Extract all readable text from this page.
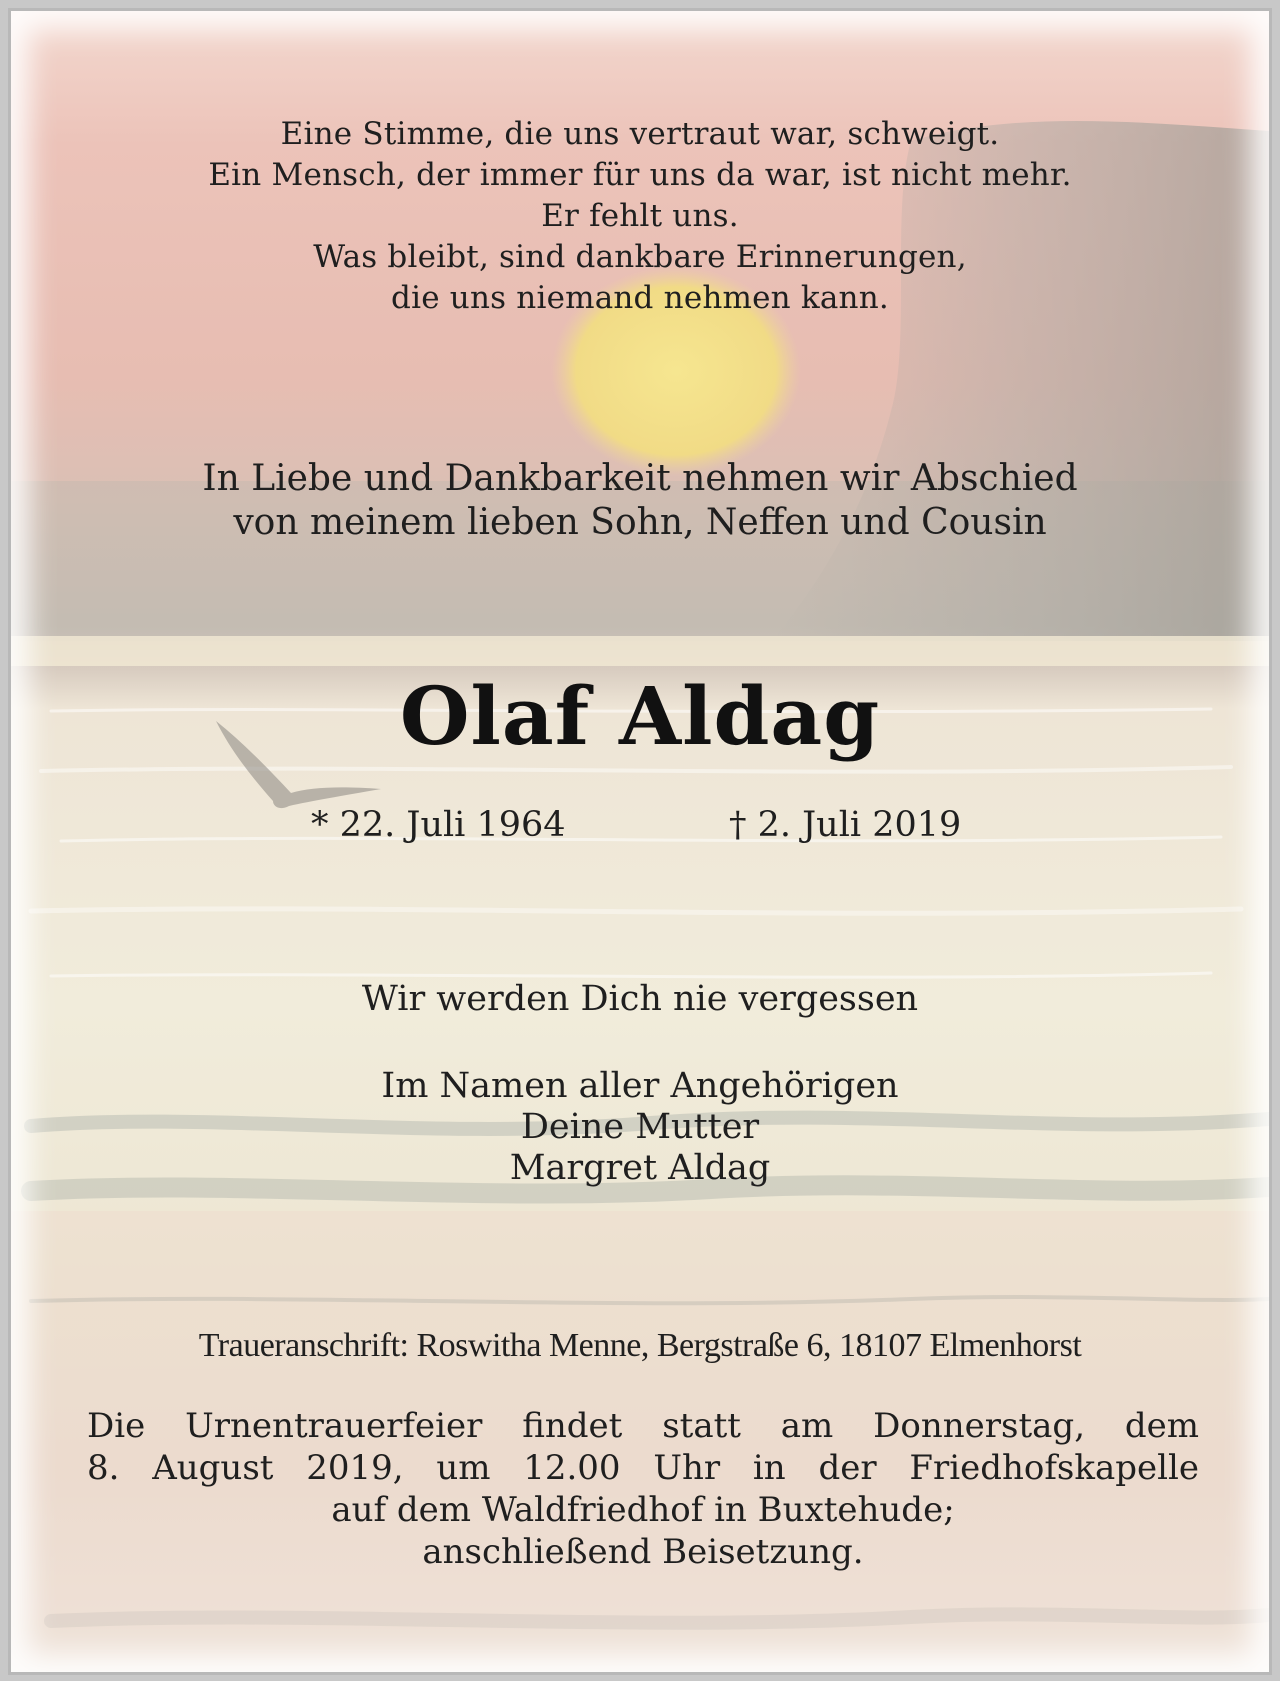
Eine Stimme, die uns vertraut war, schweigt.
Ein Mensch, der immer für uns da war, ist nicht mehr.
Er fehlt uns.
Was bleibt, sind dankbare Erinnerungen,
die uns niemand nehmen kann.
In Liebe und Dankbarkeit nehmen wir Abschied
von meinem lieben Sohn, Neffen und Cousin
Olaf Aldag
* 22. Juli 1964	† 2. Juli 2019
Wir werden Dich nie vergessen
Im Namen aller Angehörigen
Deine Mutter
Margret Aldag
Traueranschrift: Roswitha Menne, Bergstraße 6, 18107 Elmenhorst
Die Urnentrauerfeier findet statt am Donnerstag, dem
8. August 2019, um 12.00 Uhr in der Friedhofskapelle
auf dem Waldfriedhof in Buxtehude;
anschließend Beisetzung.
